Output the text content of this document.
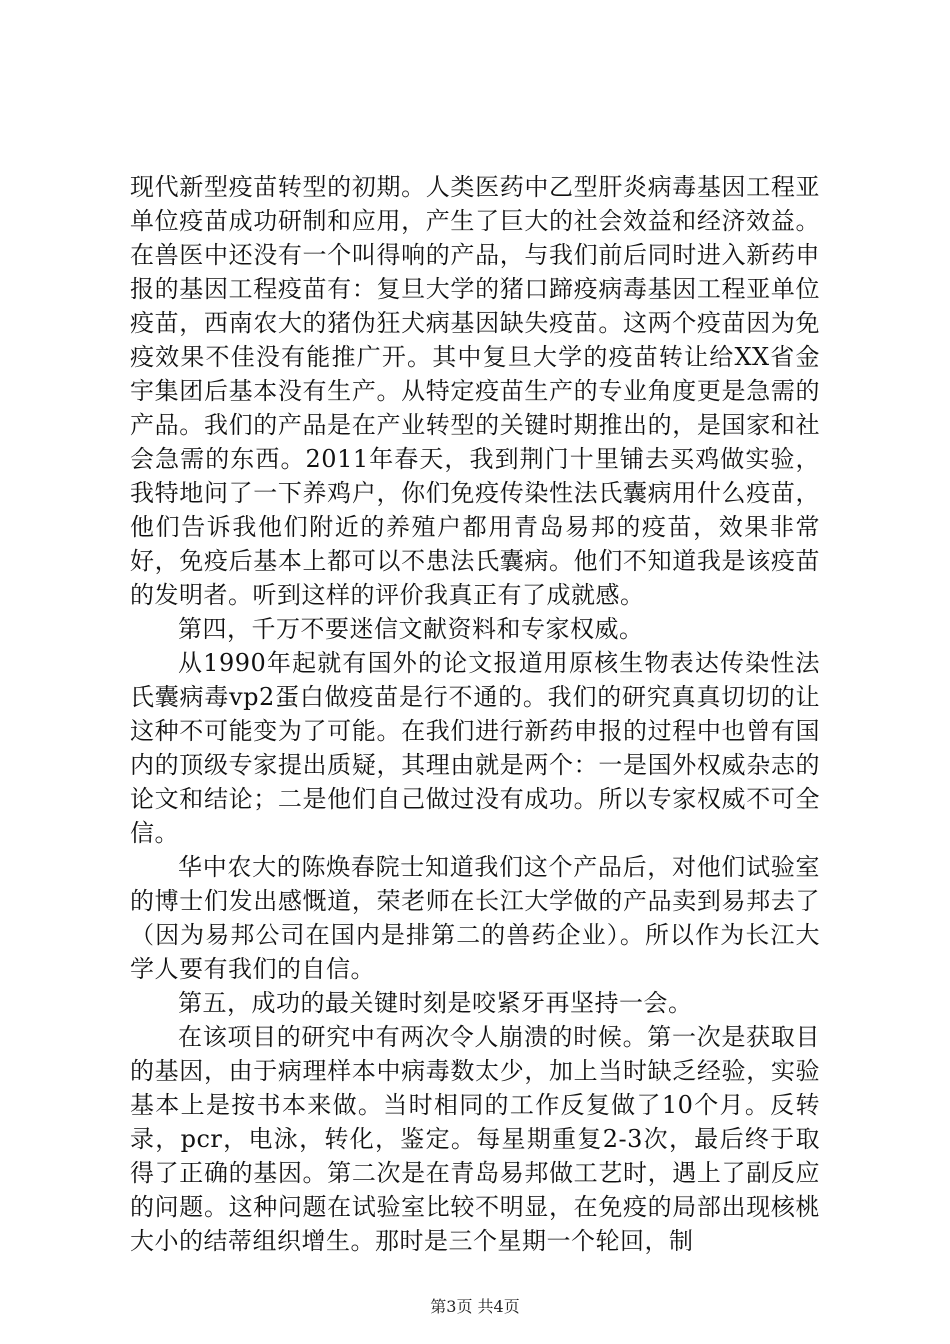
现代新型疫苗转型的初期。人类医药中乙型肝炎病毒基因工程亚单位疫苗成功研制和应用，产生了巨大的社会效益和经济效益。在兽医中还没有一个叫得响的产品，与我们前后同时进入新药申报的基因工程疫苗有：复旦大学的猪口蹄疫病毒基因工程亚单位疫苗，西南农大的猪伪狂犬病基因缺失疫苗。这两个疫苗因为免疫效果不佳没有能推广开。其中复旦大学的疫苗转让给XX省金宇集团后基本没有生产。从特定疫苗生产的专业角度更是急需的产品。我们的产品是在产业转型的关键时期推出的，是国家和社会急需的东西。2011年春天，我到荆门十里铺去买鸡做实验，我特地问了一下养鸡户，你们免疫传染性法氏囊病用什么疫苗，他们告诉我他们附近的养殖户都用青岛易邦的疫苗，效果非常好，免疫后基本上都可以不患法氏囊病。他们不知道我是该疫苗的发明者。听到这样的评价我真正有了成就感。

第四，千万不要迷信文献资料和专家权威。

从1990年起就有国外的论文报道用原核生物表达传染性法氏囊病毒vp2蛋白做疫苗是行不通的。我们的研究真真切切的让这种不可能变为了可能。在我们进行新药申报的过程中也曾有国内的顶级专家提出质疑，其理由就是两个：一是国外权威杂志的论文和结论；二是他们自己做过没有成功。所以专家权威不可全信。

华中农大的陈焕春院士知道我们这个产品后，对他们试验室的博士们发出感慨道，荣老师在长江大学做的产品卖到易邦去了（因为易邦公司在国内是排第二的兽药企业）。所以作为长江大学人要有我们的自信。

第五，成功的最关键时刻是咬紧牙再坚持一会。

在该项目的研究中有两次令人崩溃的时候。第一次是获取目的基因，由于病理样本中病毒数太少，加上当时缺乏经验，实验基本上是按书本来做。当时相同的工作反复做了10个月。反转录，pcr，电泳，转化，鉴定。每星期重复2-3次，最后终于取得了正确的基因。第二次是在青岛易邦做工艺时，遇上了副反应的问题。这种问题在试验室比较不明显，在免疫的局部出现核桃大小的结蒂组织增生。那时是三个星期一个轮回，制

第3页 共4页
